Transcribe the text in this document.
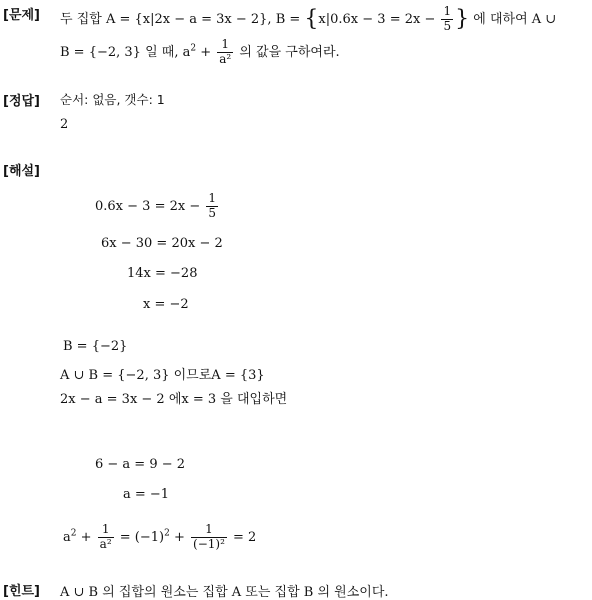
[문제] 두 집합 A = {x|2x − a = 3x − 2}, $B = \{x|0.6x - 3 = 2x - \frac{1}{5}$ } 에 대하여 A ∪
B = {−2, 3} 일 때, $a^2 + \frac{1}{\text{a²}}$ 의 값을 구하여라.
[정답] 순서: 없음, 갯수: 1
2
[해설]
$0.6x - 3 = 2x - \frac{1}{5}$
6x − 30 = 20x − 2
14x = −28
x = −2
B = {−2}
A ∪ B = {−2, 3} 이므로A = {3}
2x − a = 3x − 2 에x = 3 을 대입하면
6 − a = 9 − 2
a = −1
$a^2 + \frac{1}{\text{a²}} = (-1)^2 + \frac{1}{\text{(−1)²}} = 2$
[힌트] A ∪ B 의 집합의 원소는 집합 A 또는 집합 B 의 원소이다.
